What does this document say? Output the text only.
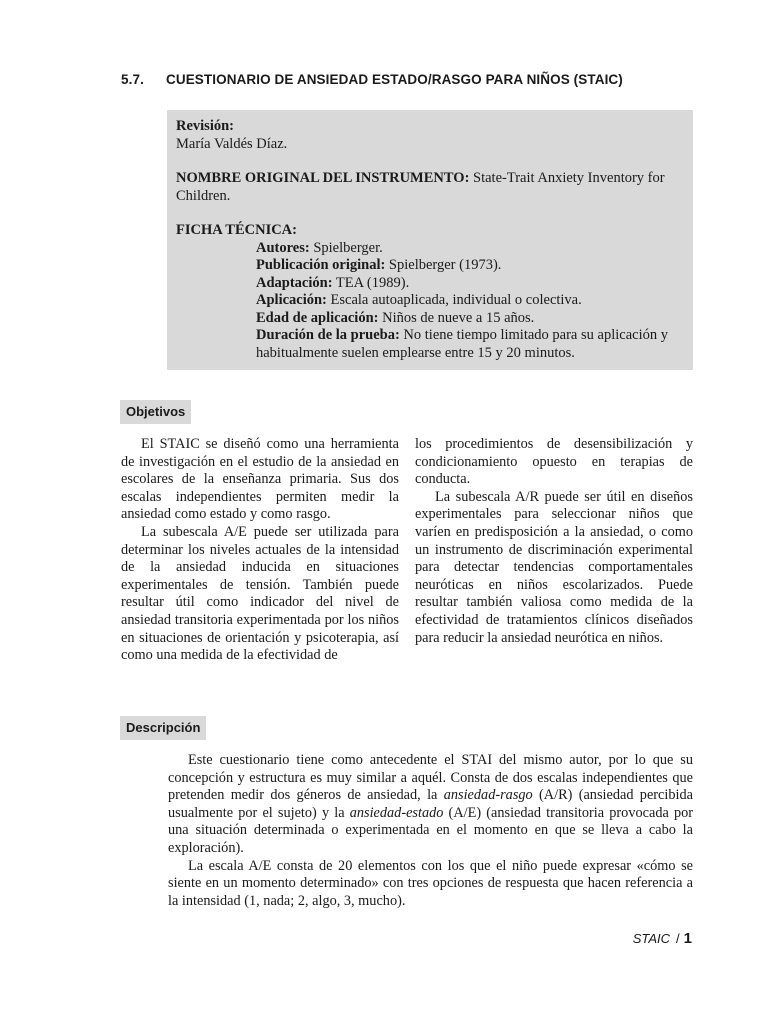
5.7. CUESTIONARIO DE ANSIEDAD ESTADO/RASGO PARA NIÑOS (STAIC)

Revisión:

María Valdés Díaz.

NOMBRE ORIGINAL DEL INSTRUMENTO: State-Trait Anxiety Inventory for Children.

FICHA TÉCNICA:

Autores: Spielberger.

Publicación original: Spielberger (1973).

Adaptación: TEA (1989).

Aplicación: Escala autoaplicada, individual o colectiva.

Edad de aplicación: Niños de nueve a 15 años.

Duración de la prueba: No tiene tiempo limitado para su aplicación y habitualmente suelen emplearse entre 15 y 20 minutos.

Objetivos

El STAIC se diseñó como una herramienta de investigación en el estudio de la ansiedad en escolares de la enseñanza primaria. Sus dos escalas independientes permiten medir la ansiedad como estado y como rasgo.

La subescala A/E puede ser utilizada para determinar los niveles actuales de la intensidad de la ansiedad inducida en situaciones experimentales de tensión. También puede resultar útil como indicador del nivel de ansiedad transitoria experimentada por los niños en situaciones de orientación y psicoterapia, así como una medida de la efectividad de

los procedimientos de desensibilización y condicionamiento opuesto en terapias de conducta.

La subescala A/R puede ser útil en diseños experimentales para seleccionar niños que varíen en predisposición a la ansiedad, o como un instrumento de discriminación experimental para detectar tendencias comportamentales neuróticas en niños escolarizados. Puede resultar también valiosa como medida de la efectividad de tratamientos clínicos diseñados para reducir la ansiedad neurótica en niños.

Descripción

Este cuestionario tiene como antecedente el STAI del mismo autor, por lo que su concepción y estructura es muy similar a aquél. Consta de dos escalas independientes que pretenden medir dos géneros de ansiedad, la ansiedad-rasgo (A/R) (ansiedad percibida usualmente por el sujeto) y la ansiedad-estado (A/E) (ansiedad transitoria provocada por una situación determinada o experimentada en el momento en que se lleva a cabo la exploración).

La escala A/E consta de 20 elementos con los que el niño puede expresar «cómo se siente en un momento determinado» con tres opciones de respuesta que hacen referencia a la intensidad (1, nada; 2, algo, 3, mucho).

STAIC / 1
